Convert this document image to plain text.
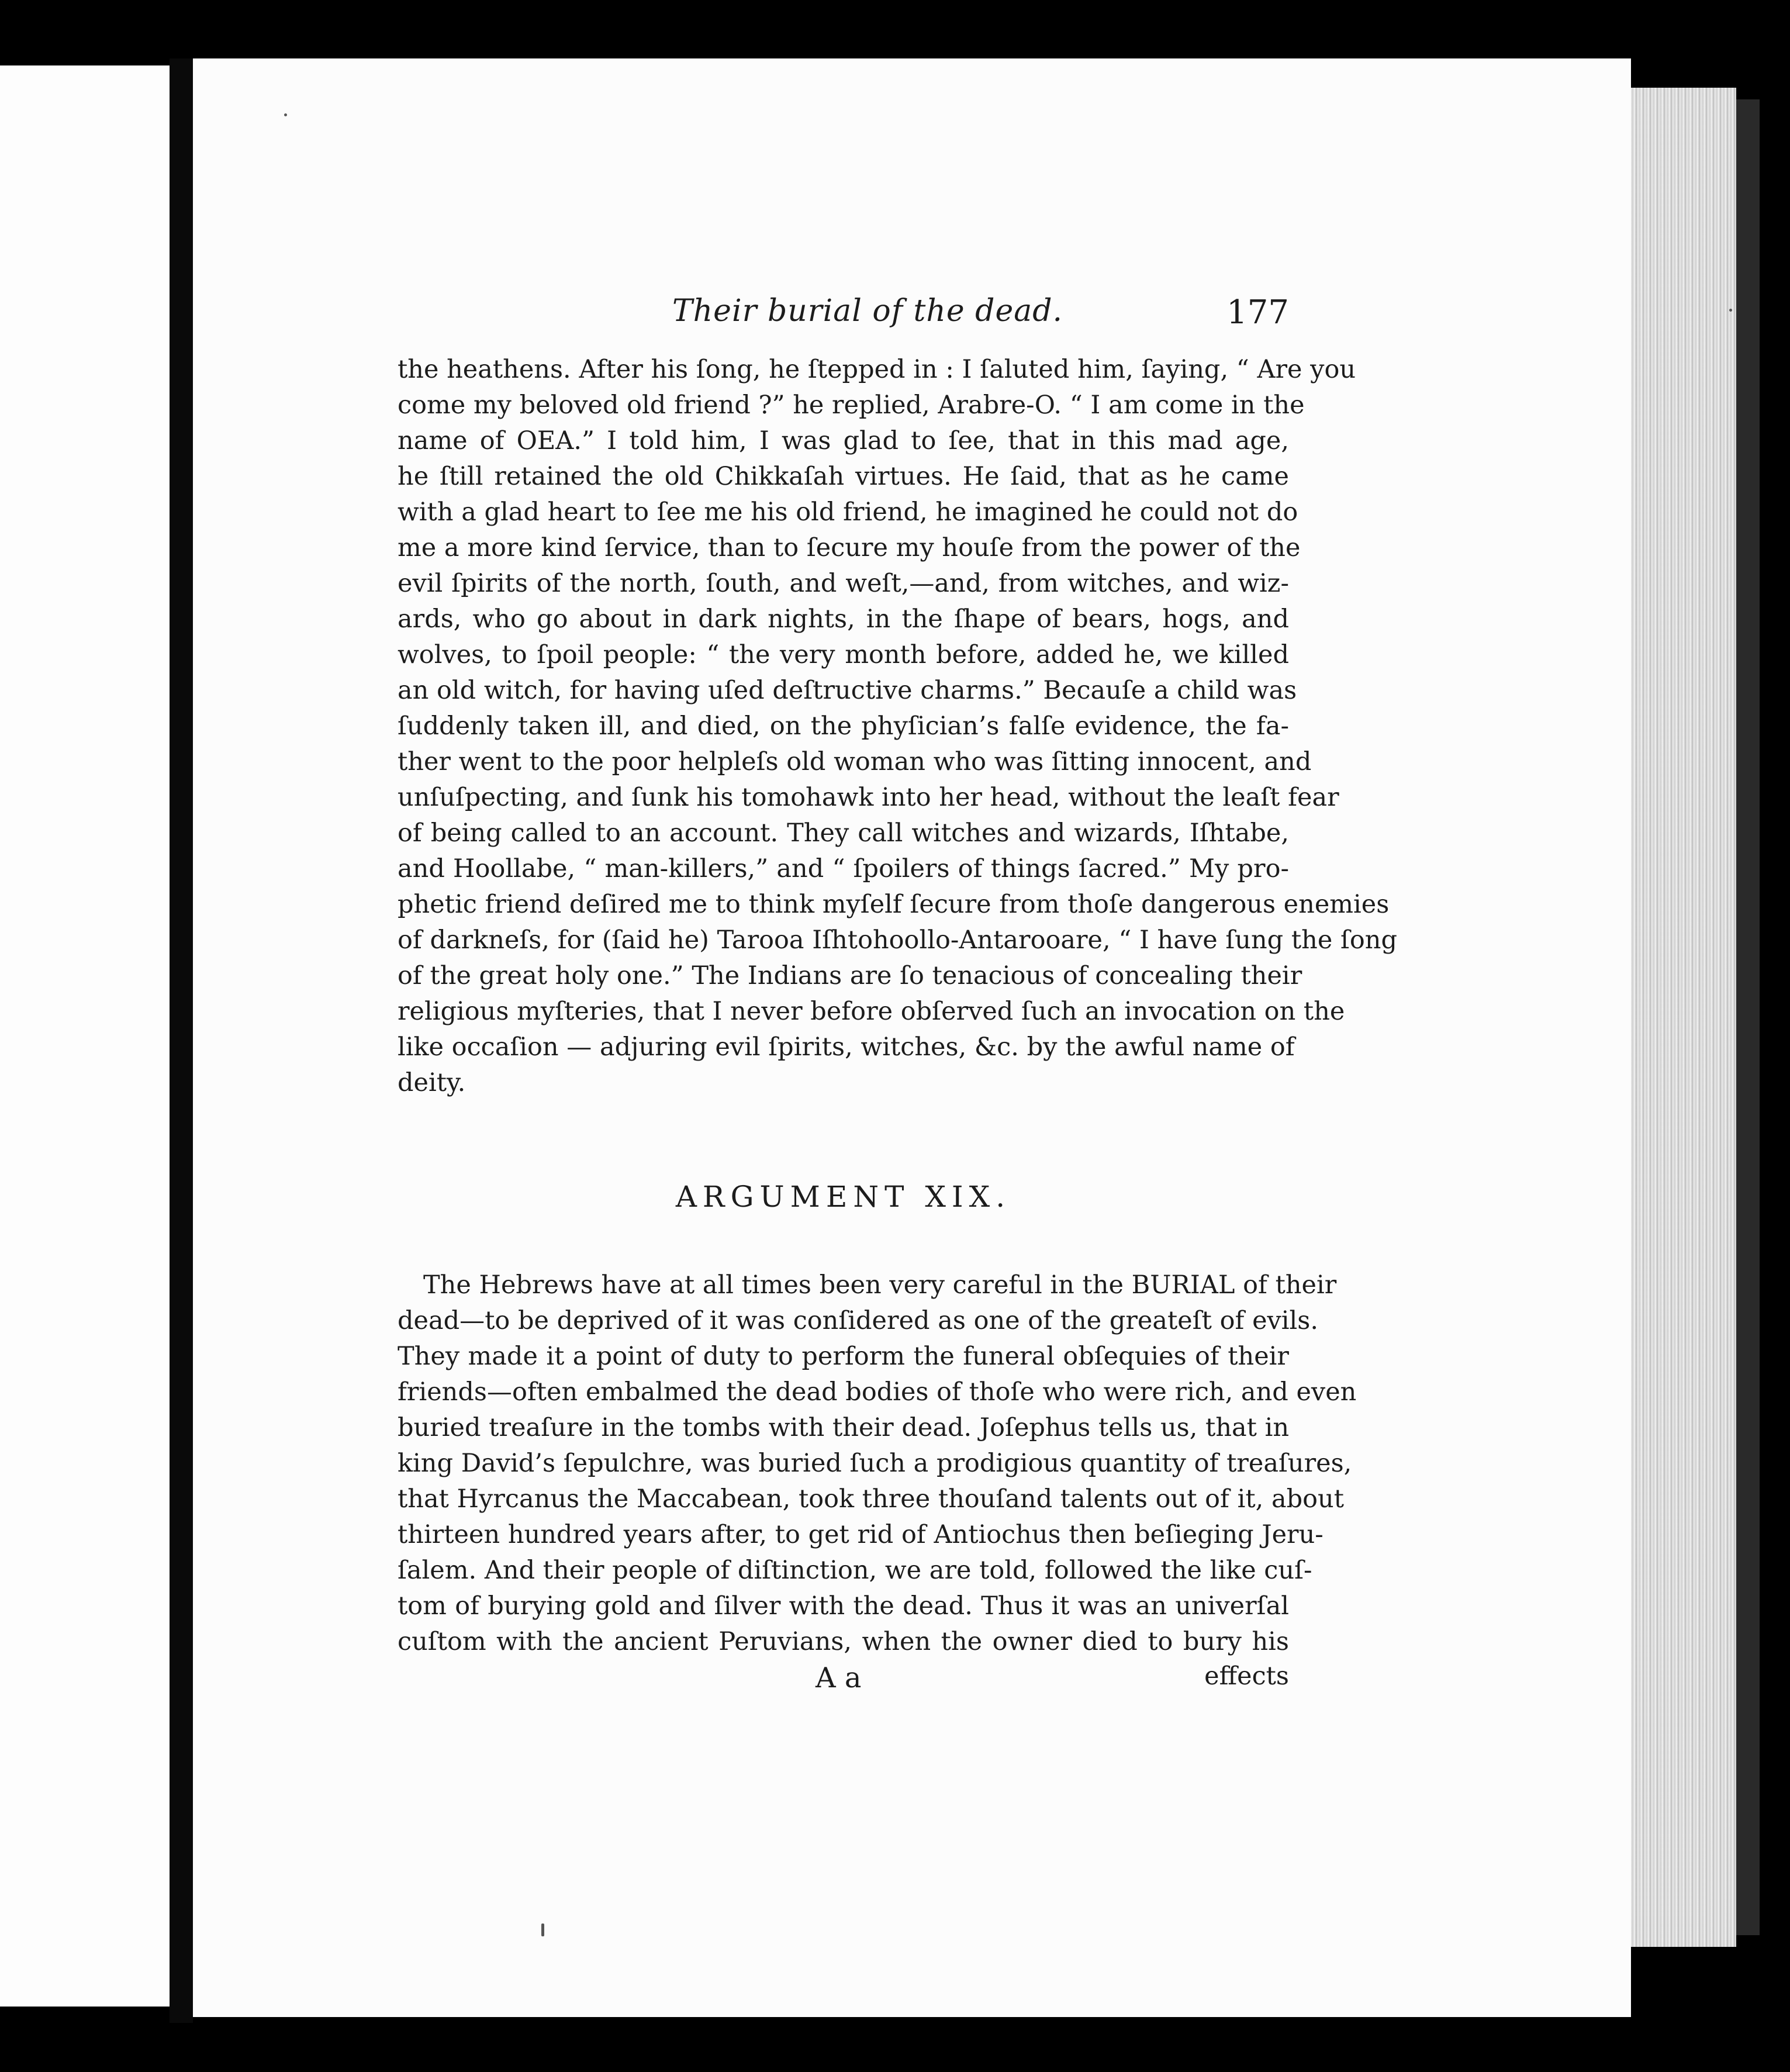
Their burial of the dead.	177
the heathens. After his ſong, he ſtepped in : I ſaluted him, ſaying, “ Are you
come my beloved old friend ?” he replied, Arabre-O. “ I am come in the
name of OEA.” I told him, I was glad to ſee, that in this mad age,
he ſtill retained the old Chikkaſah virtues. He ſaid, that as he came
with a glad heart to ſee me his old friend, he imagined he could not do
me a more kind ſervice, than to ſecure my houſe from the power of the
evil ſpirits of the north, ſouth, and weſt,—and, from witches, and wiz-
ards, who go about in dark nights, in the ſhape of bears, hogs, and
wolves, to ſpoil people: “ the very month before, added he, we killed
an old witch, for having uſed deſtructive charms.” Becauſe a child was
ſuddenly taken ill, and died, on the phyſician’s falſe evidence, the fa-
ther went to the poor helpleſs old woman who was ſitting innocent, and
unſuſpecting, and ſunk his tomohawk into her head, without the leaſt fear
of being called to an account. They call witches and wizards, Iſhtabe,
and Hoollabe, “ man-killers,” and “ ſpoilers of things ſacred.” My pro-
phetic friend deſired me to think myſelf ſecure from thoſe dangerous enemies
of darkneſs, for (ſaid he) Tarooa Iſhtohoollo-Antarooare, “ I have ſung the ſong
of the great holy one.” The Indians are ſo tenacious of concealing their
religious myſteries, that I never before obſerved ſuch an invocation on the
like occaſion — adjuring evil ſpirits, witches, &c. by the awful name of
deity.
ARGUMENT XIX.
The Hebrews have at all times been very careful in the BURIAL of their
dead—to be deprived of it was conſidered as one of the greateſt of evils.
They made it a point of duty to perform the funeral obſequies of their
friends—often embalmed the dead bodies of thoſe who were rich, and even
buried treaſure in the tombs with their dead. Joſephus tells us, that in
king David’s ſepulchre, was buried ſuch a prodigious quantity of treaſures,
that Hyrcanus the Maccabean, took three thouſand talents out of it, about
thirteen hundred years after, to get rid of Antiochus then beſieging Jeru-
ſalem. And their people of diſtinction, we are told, followed the like cuſ-
tom of burying gold and ſilver with the dead. Thus it was an univerſal
cuſtom with the ancient Peruvians, when the owner died to bury his
A a	effects
